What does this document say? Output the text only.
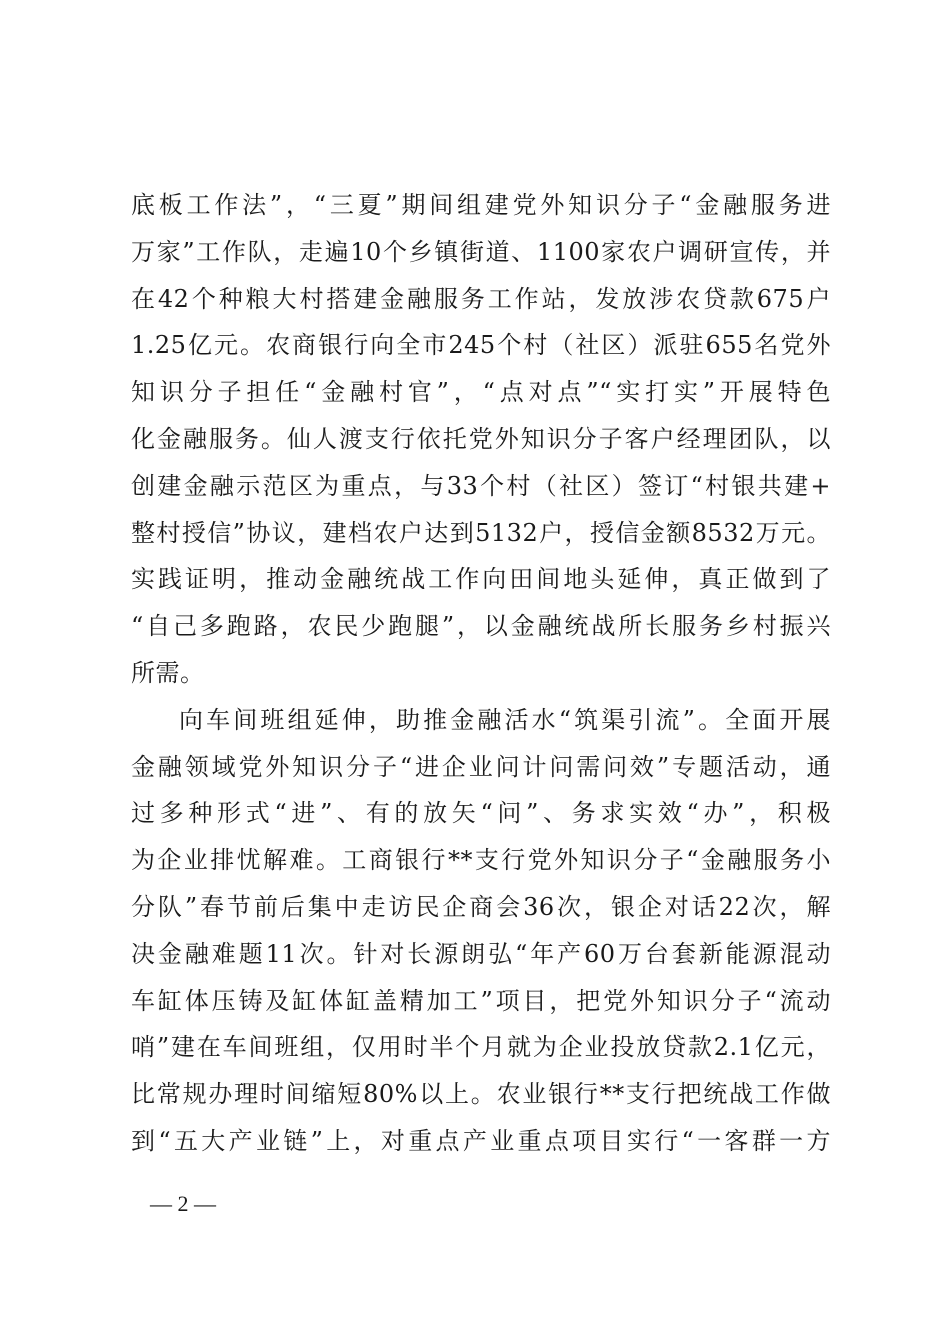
底板工作法”，“三夏”期间组建党外知识分子“金融服务进
万家”工作队，走遍10个乡镇街道、1100家农户调研宣传，并
在42个种粮大村搭建金融服务工作站，发放涉农贷款675户
1.25亿元。农商银行向全市245个村（社区）派驻655名党外
知识分子担任“金融村官”，“点对点”“实打实”开展特色
化金融服务。仙人渡支行依托党外知识分子客户经理团队，以
创建金融示范区为重点，与33个村（社区）签订“村银共建+
整村授信”协议，建档农户达到5132户，授信金额8532万元。
实践证明，推动金融统战工作向田间地头延伸，真正做到了
“自己多跑路，农民少跑腿”，以金融统战所长服务乡村振兴
所需。
向车间班组延伸，助推金融活水“筑渠引流”。全面开展
金融领域党外知识分子“进企业问计问需问效”专题活动，通
过多种形式“进”、有的放矢“问”、务求实效“办”，积极
为企业排忧解难。工商银行**支行党外知识分子“金融服务小
分队”春节前后集中走访民企商会36次，银企对话22次，解
决金融难题11次。针对长源朗弘“年产60万台套新能源混动
车缸体压铸及缸体缸盖精加工”项目，把党外知识分子“流动
哨”建在车间班组，仅用时半个月就为企业投放贷款2.1亿元，
比常规办理时间缩短80%以上。农业银行**支行把统战工作做
到“五大产业链”上，对重点产业重点项目实行“一客群一方
— 2 —
